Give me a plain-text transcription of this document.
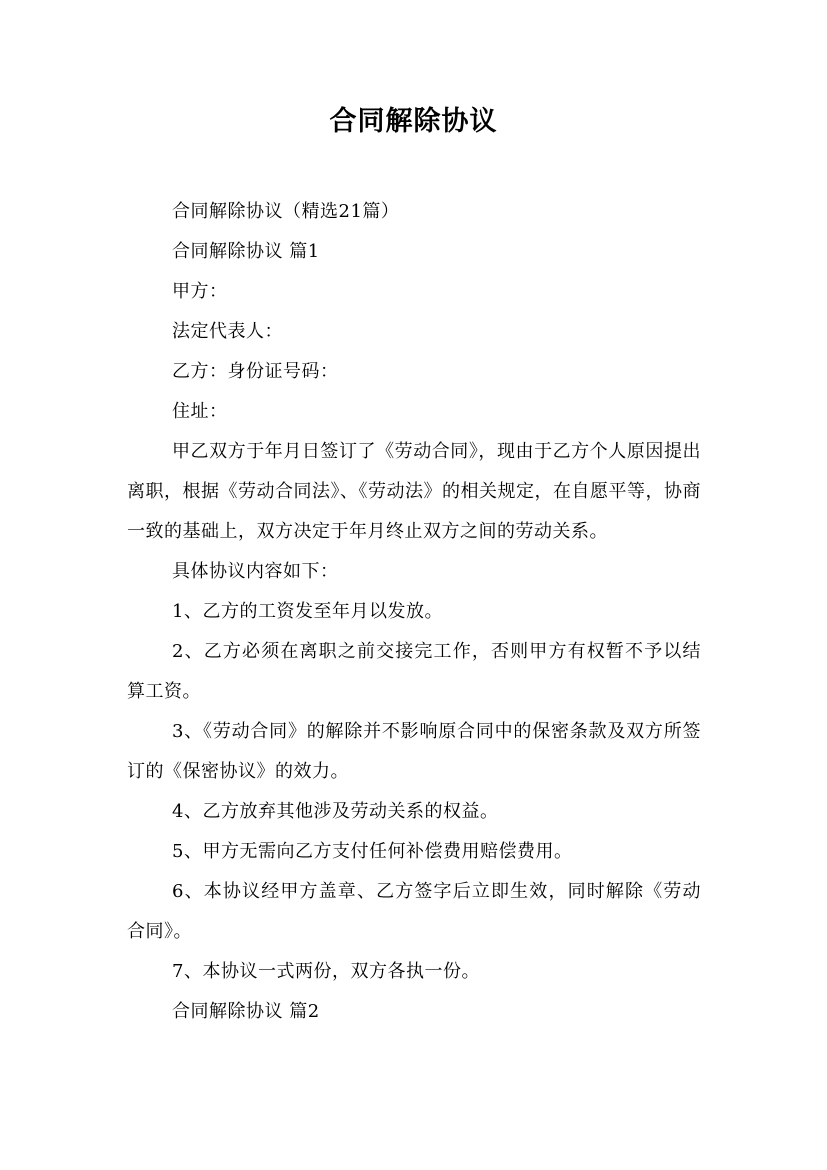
合同解除协议

合同解除协议（精选21篇）

合同解除协议 篇1

甲方：

法定代表人：

乙方：身份证号码：

住址：

甲乙双方于年月日签订了《劳动合同》，现由于乙方个人原因提出离职，根据《劳动合同法》、《劳动法》的相关规定，在自愿平等，协商一致的基础上，双方决定于年月终止双方之间的劳动关系。

具体协议内容如下：

1、乙方的工资发至年月以发放。

2、乙方必须在离职之前交接完工作，否则甲方有权暂不予以结算工资。

3、《劳动合同》的解除并不影响原合同中的保密条款及双方所签订的《保密协议》的效力。

4、乙方放弃其他涉及劳动关系的权益。

5、甲方无需向乙方支付任何补偿费用赔偿费用。

6、本协议经甲方盖章、乙方签字后立即生效，同时解除《劳动合同》。

7、本协议一式两份，双方各执一份。

合同解除协议 篇2
